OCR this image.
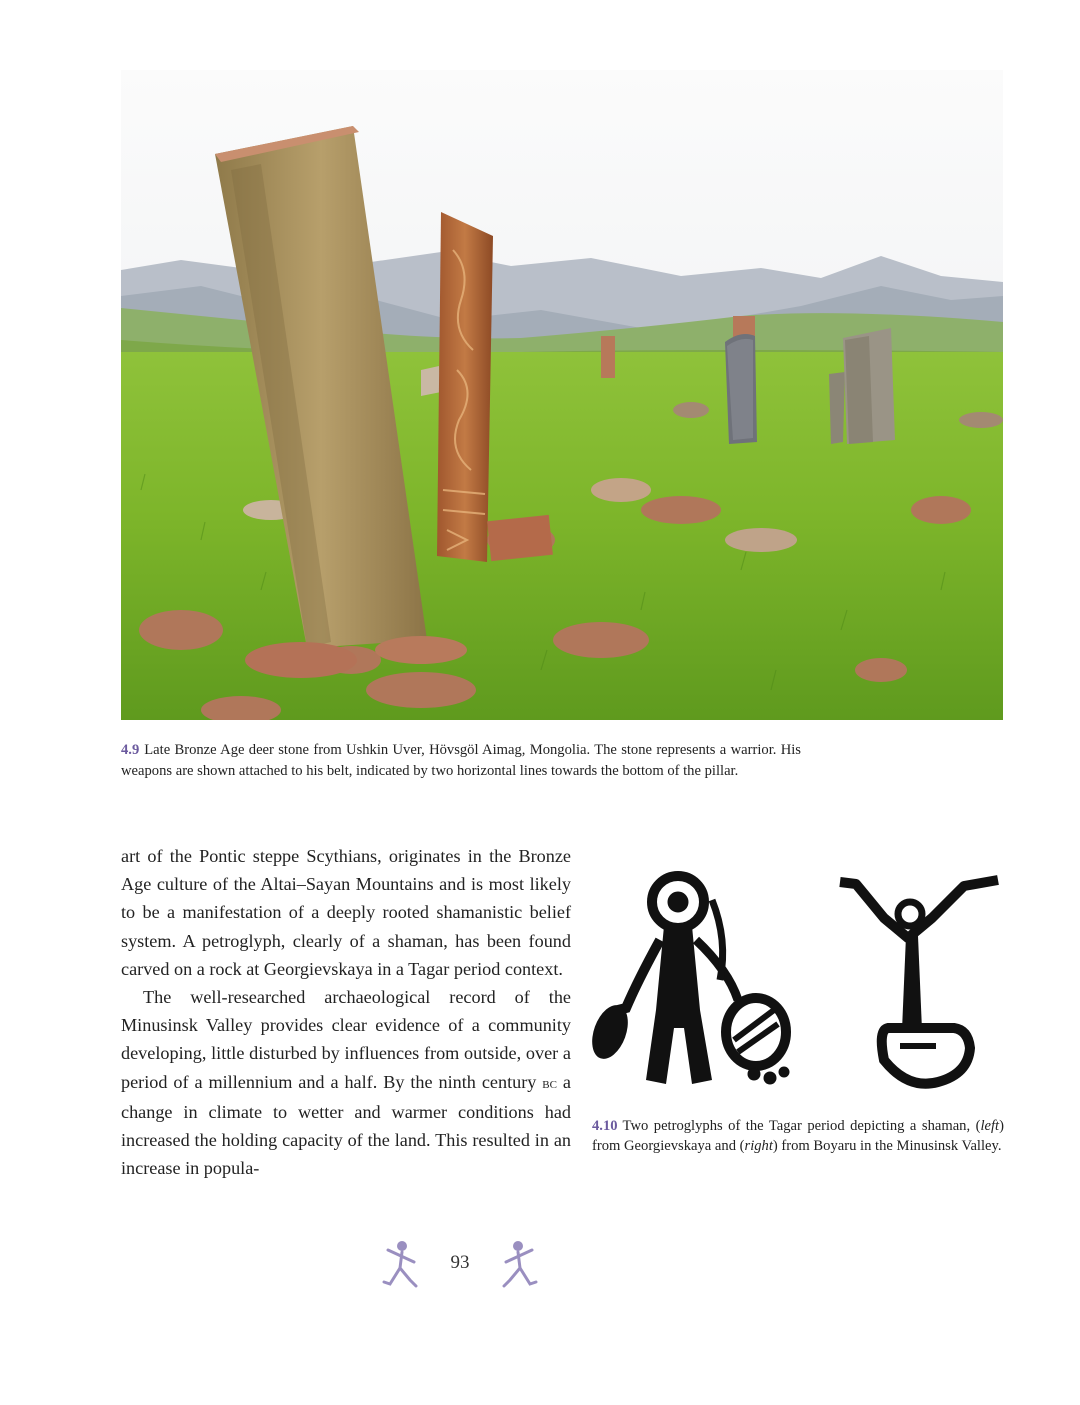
4.9 Late Bronze Age deer stone from Ushkin Uver, Hövsgöl Aimag, Mongolia. The stone represents a warrior. His weapons are shown attached to his belt, indicated by two horizontal lines towards the bottom of the pillar.

art of the Pontic steppe Scythians, originates in the Bronze Age culture of the Altai–Sayan Mountains and is most likely to be a manifestation of a deeply rooted shamanistic belief system. A petroglyph, clearly of a shaman, has been found carved on a rock at Georgievskaya in a Tagar period context.

The well-researched archaeological record of the Minusinsk Valley provides clear evidence of a community developing, little disturbed by influences from outside, over a period of a millennium and a half. By the ninth century bc a change in climate to wetter and warmer conditions had increased the holding capacity of the land. This resulted in an increase in popula-

4.10 Two petroglyphs of the Tagar period depicting a shaman, (left) from Georgievskaya and (right) from Boyaru in the Minusinsk Valley.
93
